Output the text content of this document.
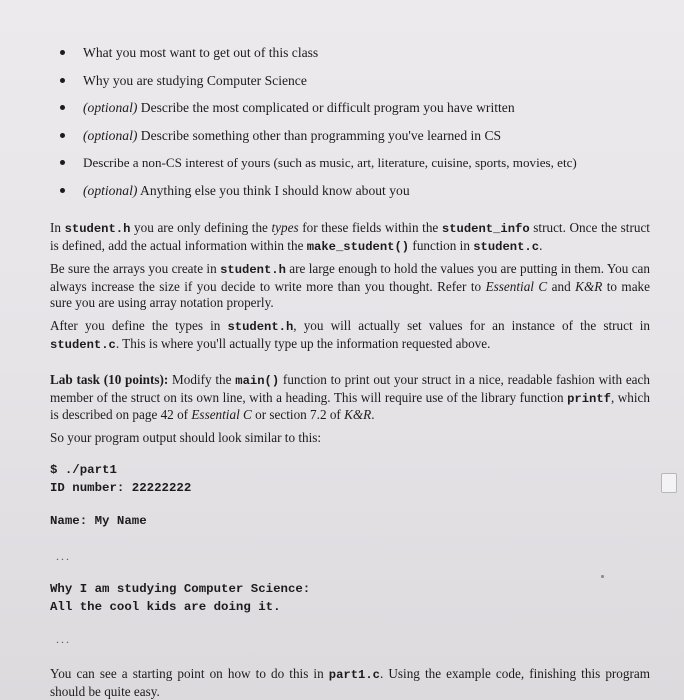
What you most want to get out of this class
Why you are studying Computer Science
(optional) Describe the most complicated or difficult program you have written
(optional) Describe something other than programming you've learned in CS
Describe a non-CS interest of yours (such as music, art, literature, cuisine, sports, movies, etc)
(optional) Anything else you think I should know about you

In student.h you are only defining the types for these fields within the student_info struct. Once the struct is defined, add the actual information within the make_student() function in student.c.

Be sure the arrays you create in student.h are large enough to hold the values you are putting in them. You can always increase the size if you decide to write more than you thought. Refer to Essential C and K&R to make sure you are using array notation properly.

After you define the types in student.h, you will actually set values for an instance of the struct in student.c. This is where you'll actually type up the information requested above.

Lab task (10 points): Modify the main() function to print out your struct in a nice, readable fashion with each member of the struct on its own line, with a heading. This will require use of the library function printf, which is described on page 42 of Essential C or section 7.2 of K&R.

So your program output should look similar to this:

$ ./part1
ID number: 22222222
Name: My Name
...
Why I am studying Computer Science:
All the cool kids are doing it.
...

You can see a starting point on how to do this in part1.c. Using the example code, finishing this program should be quite easy.
